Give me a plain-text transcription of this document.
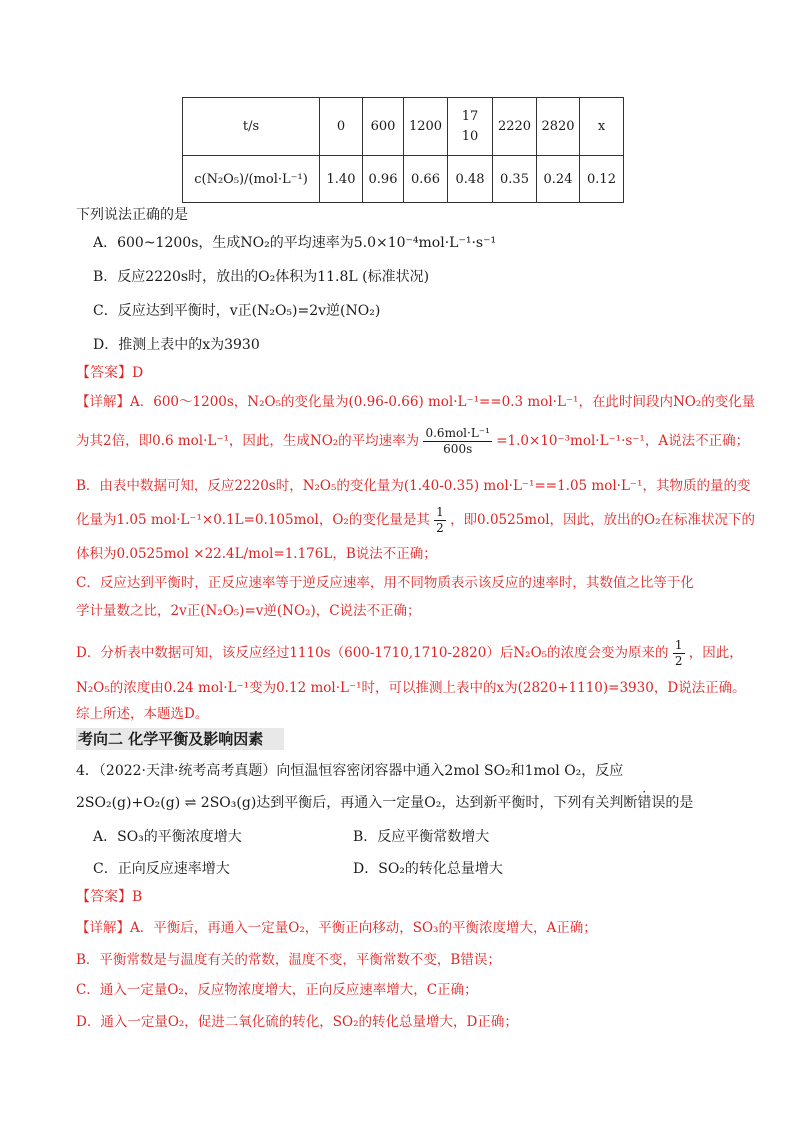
t/s	0	600	1200	1710	2220	2820	x
c(N₂O₅)/(mol·L⁻¹)	1.40	0.96	0.66	0.48	0.35	0.24	0.12
下列说法正确的是
A．600~1200s，生成NO₂的平均速率为5.0×10⁻⁴mol·L⁻¹·s⁻¹
B．反应2220s时，放出的O₂体积为11.8L (标准状况)
C．反应达到平衡时，v正(N₂O₅)=2v逆(NO₂)
D．推测上表中的x为3930
【答案】D
【详解】A．600～1200s，N₂O₅的变化量为(0.96-0.66) mol·L⁻¹==0.3 mol·L⁻¹，在此时间段内NO₂的变化量
为其2倍，即0.6 mol·L⁻¹，因此，生成NO₂的平均速率为 $\frac{\text{0.6mol·L⁻¹}}{600s} =1.0\times 10^{-3}mol\cdot L^{-1}\cdot s^{-1}$，A说法不正确；
B．由表中数据可知，反应2220s时，N₂O₅的变化量为(1.40-0.35) mol·L⁻¹==1.05 mol·L⁻¹，其物质的量的变
化量为1.05 mol·L⁻¹×0.1L=0.105mol，O₂的变化量是其 $\frac{1}{2}$ ，即0.0525mol，因此，放出的O₂在标准状况下的
体积为0.0525mol ×22.4L/mol=1.176L，B说法不正确；
C．反应达到平衡时，正反应速率等于逆反应速率，用不同物质表示该反应的速率时，其数值之比等于化
学计量数之比，2v正(N₂O₅)=v逆(NO₂)，C说法不正确；
D．分析表中数据可知，该反应经过1110s（600-1710,1710-2820）后N₂O₅的浓度会变为原来的 $\frac{1}{2}$ ，因此，
N₂O₅的浓度由0.24 mol·L⁻¹变为0.12 mol·L⁻¹时，可以推测上表中的x为(2820+1110)=3930，D说法正确。
综上所述，本题选D。
考向二 化学平衡及影响因素
4．（2022·天津·统考高考真题）向恒温恒容密闭容器中通入2mol SO₂和1mol O₂，反应
2SO₂(g)+O₂(g) ⇌ 2SO₃(g)达到平衡后，再通入一定量O₂，达到新平衡时，下列有关判断错误的是
A．SO₃的平衡浓度增大	B．反应平衡常数增大
C．正向反应速率增大	D．SO₂的转化总量增大
【答案】B
【详解】A．平衡后，再通入一定量O₂，平衡正向移动，SO₃的平衡浓度增大，A正确；
B．平衡常数是与温度有关的常数，温度不变，平衡常数不变，B错误；
C．通入一定量O₂，反应物浓度增大，正向反应速率增大，C正确；
D．通入一定量O₂，促进二氧化硫的转化，SO₂的转化总量增大，D正确；
